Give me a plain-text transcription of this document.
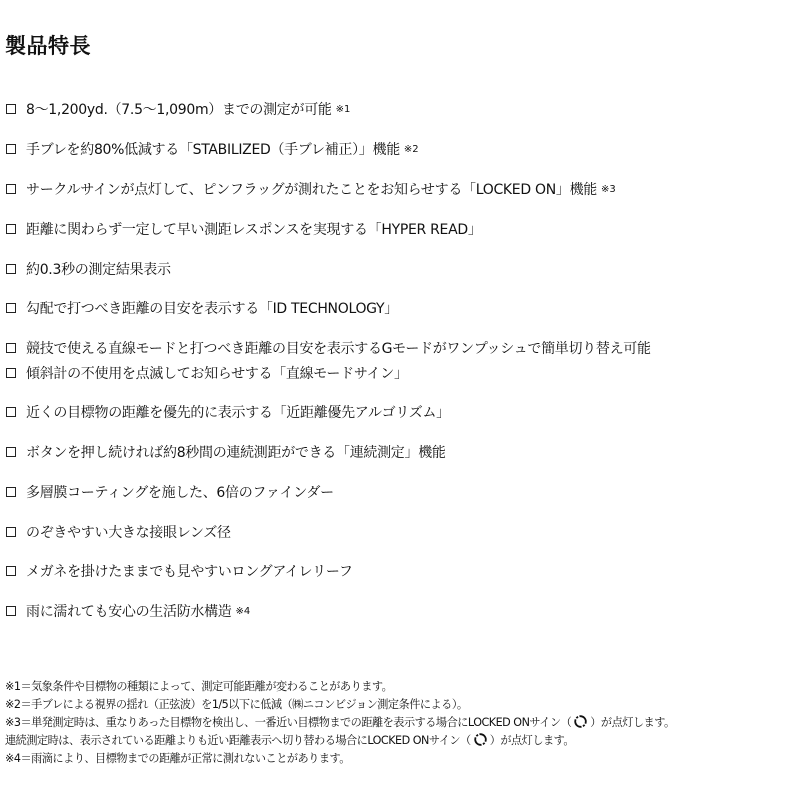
製品特長
8～1,200yd.（7.5～1,090m）までの測定が可能 ※1
手ブレを約80%低減する「STABILIZED（手ブレ補正）」機能 ※2
サークルサインが点灯して、ピンフラッグが測れたことをお知らせする「LOCKED ON」機能 ※3
距離に関わらず一定して早い測距レスポンスを実現する「HYPER READ」
約0.3秒の測定結果表示
勾配で打つべき距離の目安を表示する「ID TECHNOLOGY」
競技で使える直線モードと打つべき距離の目安を表示するGモードがワンプッシュで簡単切り替え可能
傾斜計の不使用を点滅してお知らせする「直線モードサイン」
近くの目標物の距離を優先的に表示する「近距離優先アルゴリズム」
ボタンを押し続ければ約8秒間の連続測距ができる「連続測定」機能
多層膜コーティングを施した、6倍のファインダー
のぞきやすい大きな接眼レンズ径
メガネを掛けたままでも見やすいロングアイレリーフ
雨に濡れても安心の生活防水構造 ※4
※1＝気象条件や目標物の種類によって、測定可能距離が変わることがあります。
※2＝手ブレによる視界の揺れ（正弦波）を1/5以下に低減（㈱ニコンビジョン測定条件による）。
※3＝単発測定時は、重なりあった目標物を検出し、一番近い目標物までの距離を表示する場合にLOCKED ONサイン（ ）が点灯します。
連続測定時は、表示されている距離よりも近い距離表示へ切り替わる場合にLOCKED ONサイン（ ）が点灯します。
※4＝雨滴により、目標物までの距離が正常に測れないことがあります。
